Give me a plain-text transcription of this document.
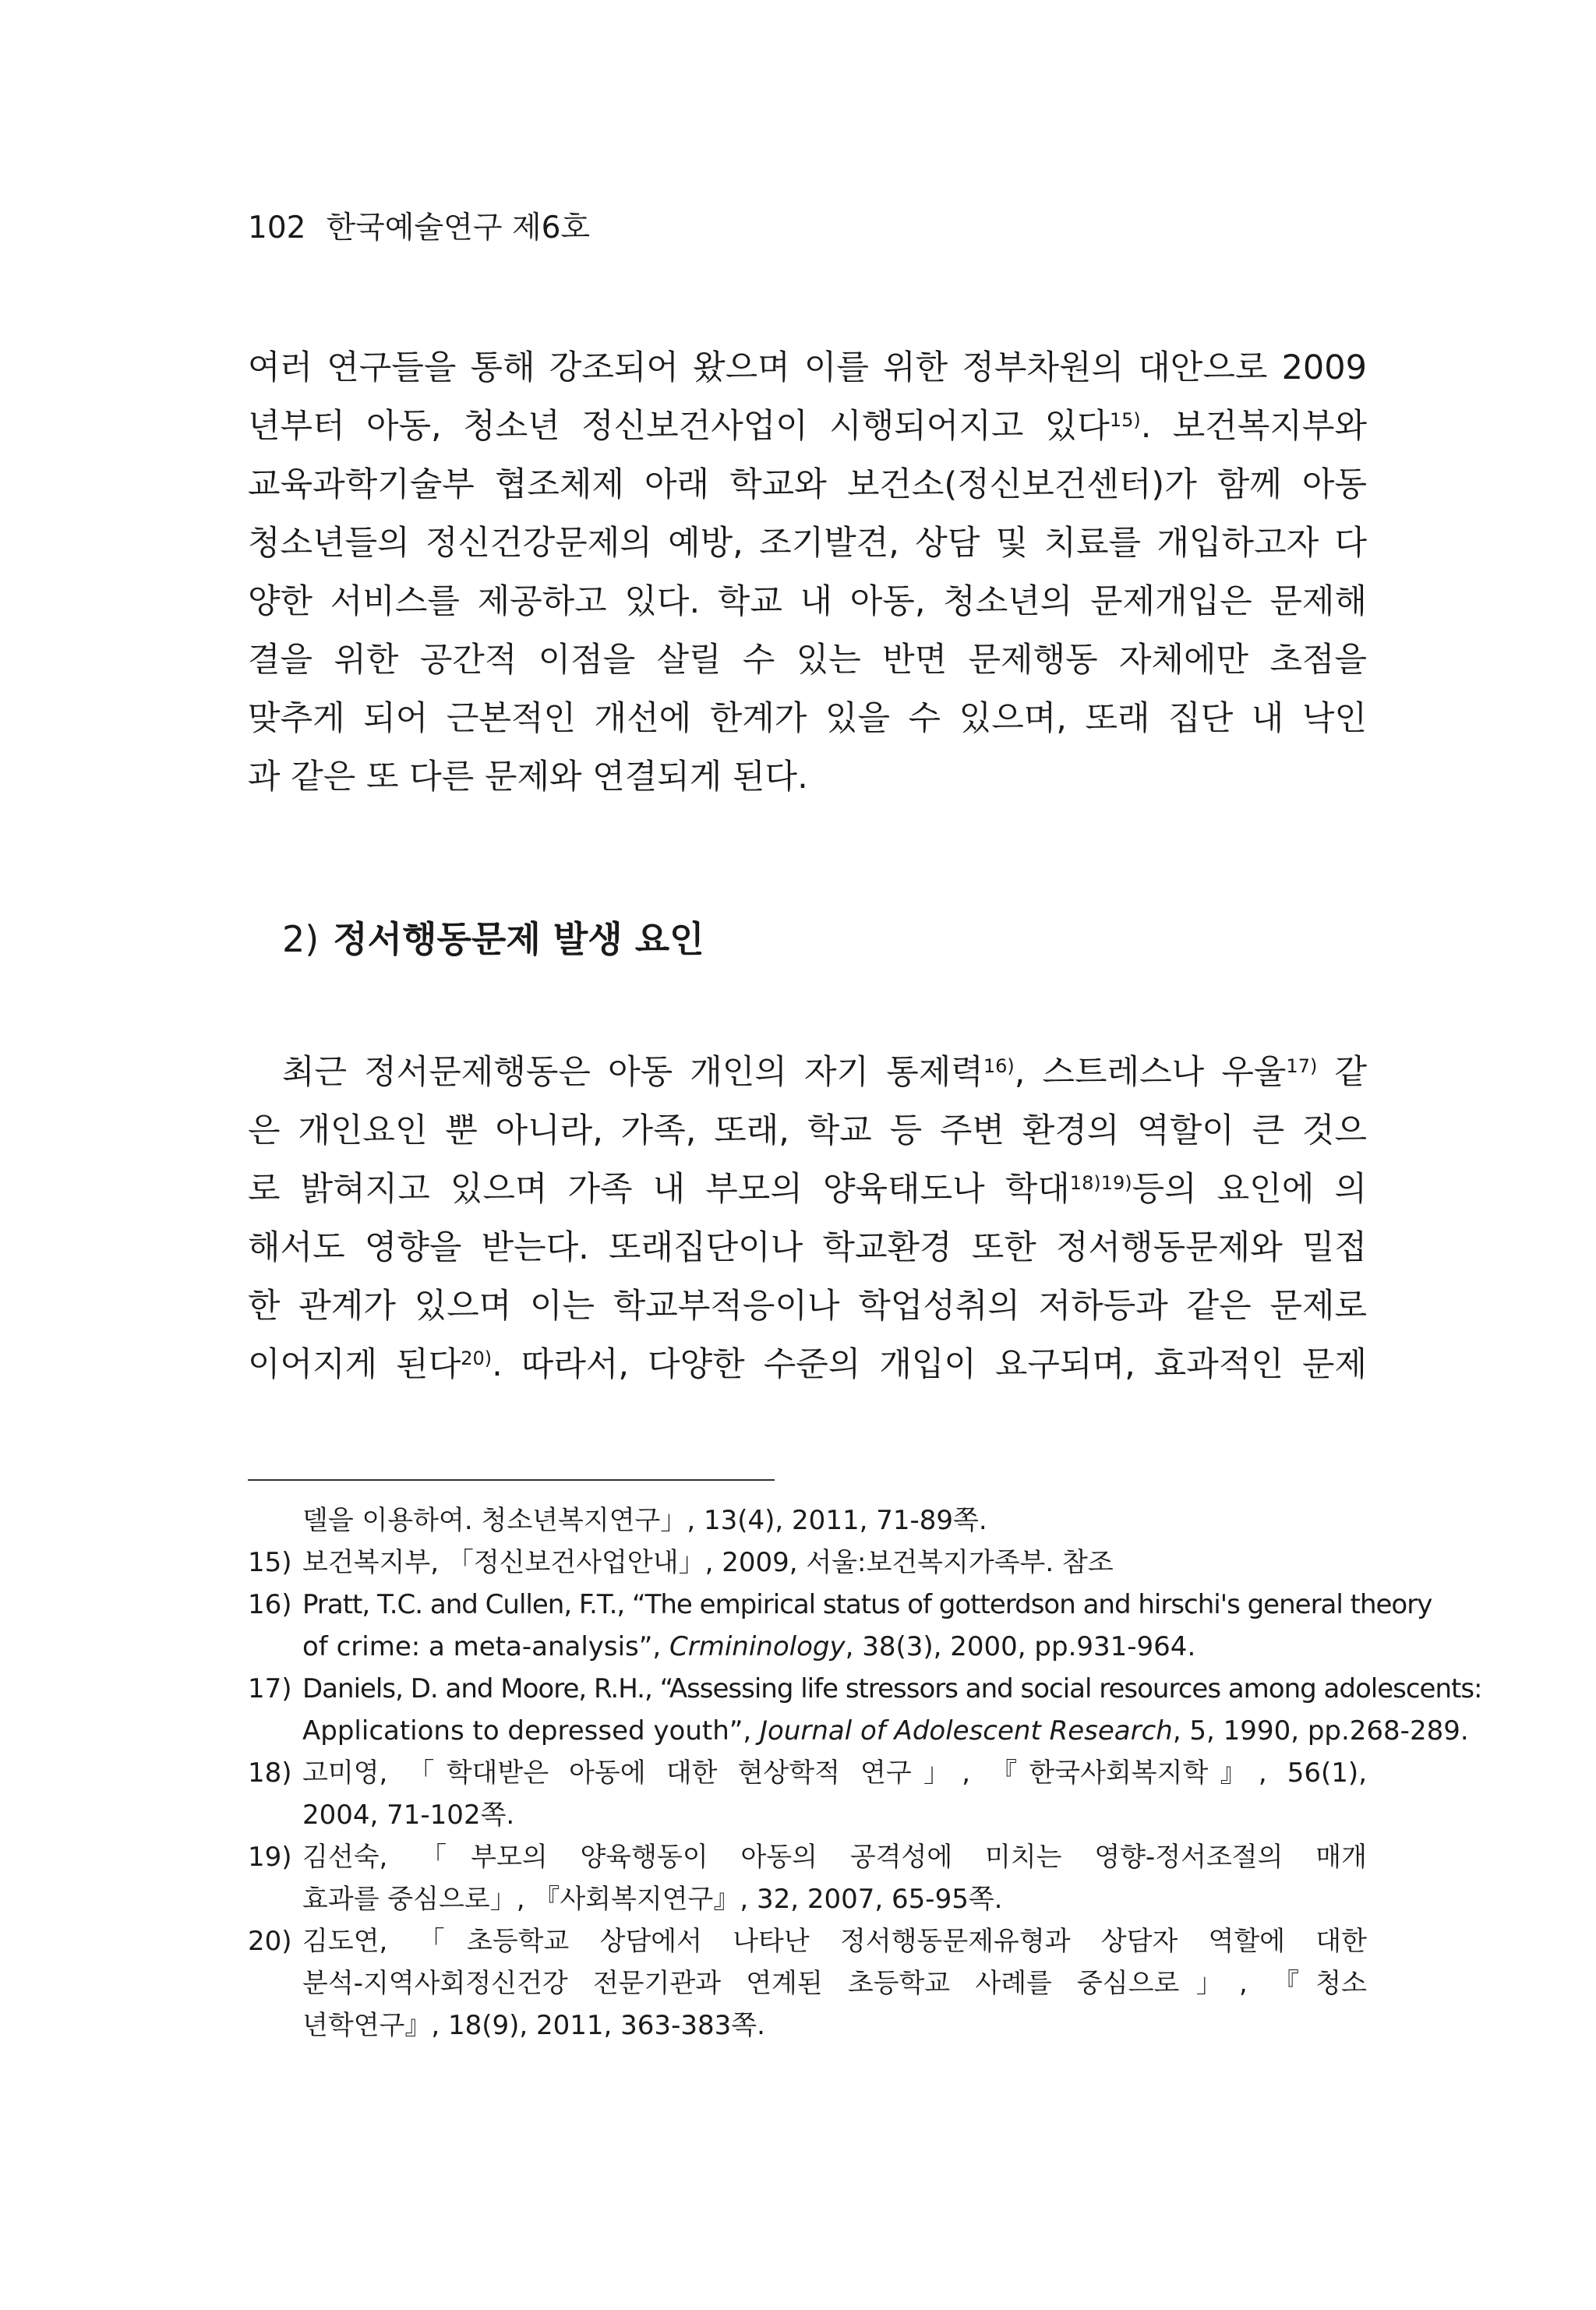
102 한국예술연구 제6호
여러 연구들을 통해 강조되어 왔으며 이를 위한 정부차원의 대안으로 2009
년부터 아동, 청소년 정신보건사업이 시행되어지고 있다$^{15)}$. 보건복지부와
교육과학기술부 협조체제 아래 학교와 보건소(정신보건센터)가 함께 아동
청소년들의 정신건강문제의 예방, 조기발견, 상담 및 치료를 개입하고자 다
양한 서비스를 제공하고 있다. 학교 내 아동, 청소년의 문제개입은 문제해
결을 위한 공간적 이점을 살릴 수 있는 반면 문제행동 자체에만 초점을
맞추게 되어 근본적인 개선에 한계가 있을 수 있으며, 또래 집단 내 낙인
과 같은 또 다른 문제와 연결되게 된다.
2) 정서행동문제 발생 요인
최근 정서문제행동은 아동 개인의 자기 통제력$^{16)}$, 스트레스나 우울$^{17)}$ 같
은 개인요인 뿐 아니라, 가족, 또래, 학교 등 주변 환경의 역할이 큰 것으
로 밝혀지고 있으며 가족 내 부모의 양육태도나 학대$^{18)19)}$등의 요인에 의
해서도 영향을 받는다. 또래집단이나 학교환경 또한 정서행동문제와 밀접
한 관계가 있으며 이는 학교부적응이나 학업성취의 저하등과 같은 문제로
이어지게 된다$^{20)}$. 따라서, 다양한 수준의 개입이 요구되며, 효과적인 문제
델을 이용하여. 청소년복지연구」, 13(4), 2011, 71-89쪽.
15) 보건복지부, 「정신보건사업안내」, 2009, 서울:보건복지가족부. 참조
16) Pratt, T.C. and Cullen, F.T., “The empirical status of gotterdson and hirschi's general theory
of crime: a meta-analysis”, Crmininology, 38(3), 2000, pp.931-964.
17) Daniels, D. and Moore, R.H., “Assessing life stressors and social resources among adolescents:
Applications to depressed youth”, Journal of Adolescent Research, 5, 1990, pp.268-289.
18) 고미영, 「학대받은 아동에 대한 현상학적 연구」, 『한국사회복지학』, 56(1),
2004, 71-102쪽.
19) 김선숙, 「부모의 양육행동이 아동의 공격성에 미치는 영향-정서조절의 매개
효과를 중심으로」, 『사회복지연구』, 32, 2007, 65-95쪽.
20) 김도연, 「초등학교 상담에서 나타난 정서행동문제유형과 상담자 역할에 대한
분석-지역사회정신건강 전문기관과 연계된 초등학교 사례를 중심으로」, 『청소
년학연구』, 18(9), 2011, 363-383쪽.
